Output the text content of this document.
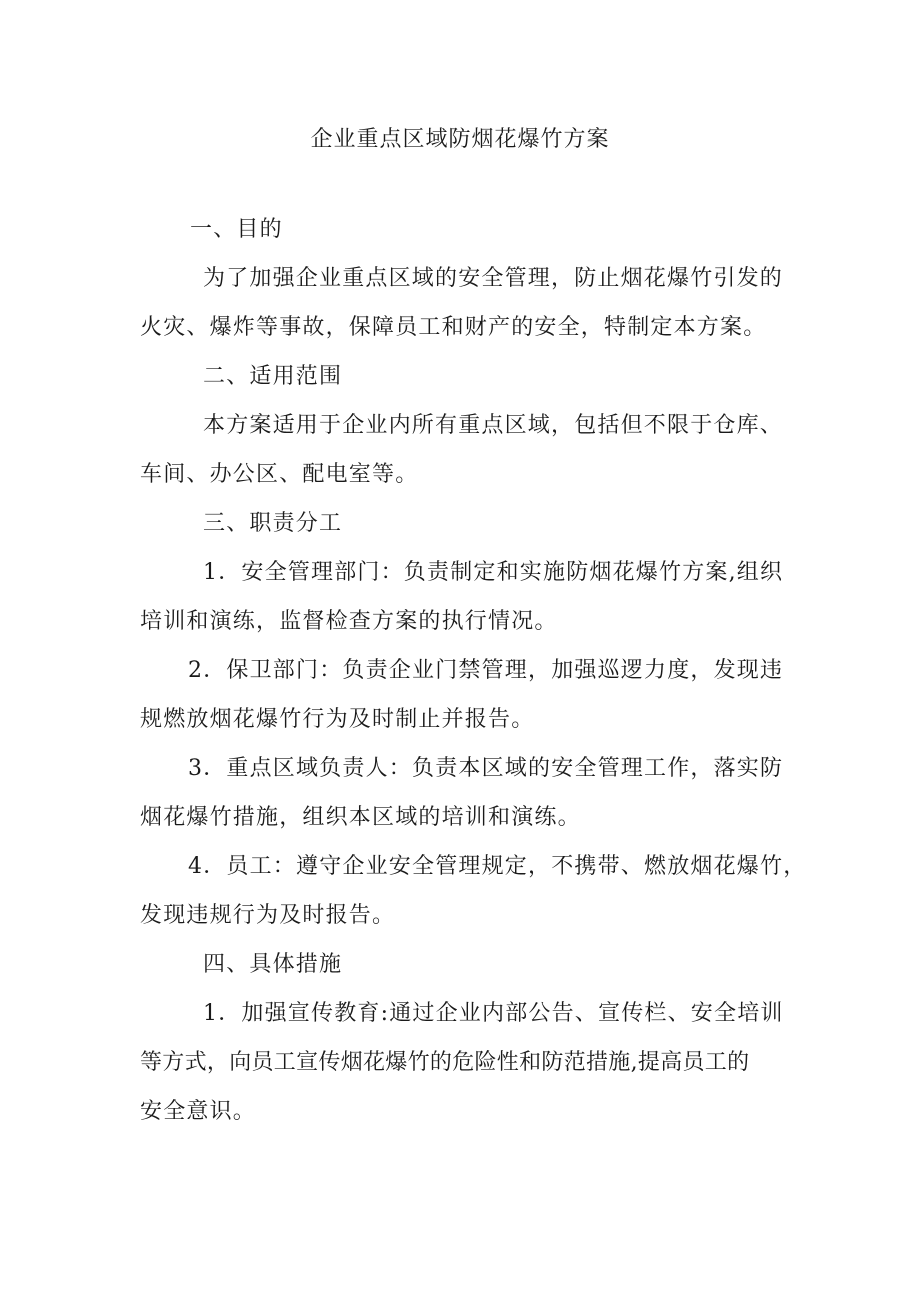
企业重点区域防烟花爆竹方案
一、目的
为了加强企业重点区域的安全管理，防止烟花爆竹引发的
火灾、爆炸等事故，保障员工和财产的安全，特制定本方案。
二、适用范围
本方案适用于企业内所有重点区域，包括但不限于仓库、
车间、办公区、配电室等。
三、职责分工
1．安全管理部门：负责制定和实施防烟花爆竹方案,组织
培训和演练，监督检查方案的执行情况。
2．保卫部门：负责企业门禁管理，加强巡逻力度，发现违
规燃放烟花爆竹行为及时制止并报告。
3．重点区域负责人：负责本区域的安全管理工作，落实防
烟花爆竹措施，组织本区域的培训和演练。
4．员工：遵守企业安全管理规定，不携带、燃放烟花爆竹，
发现违规行为及时报告。
四、具体措施
1．加强宣传教育:通过企业内部公告、宣传栏、安全培训
等方式，向员工宣传烟花爆竹的危险性和防范措施,提高员工的
安全意识。
